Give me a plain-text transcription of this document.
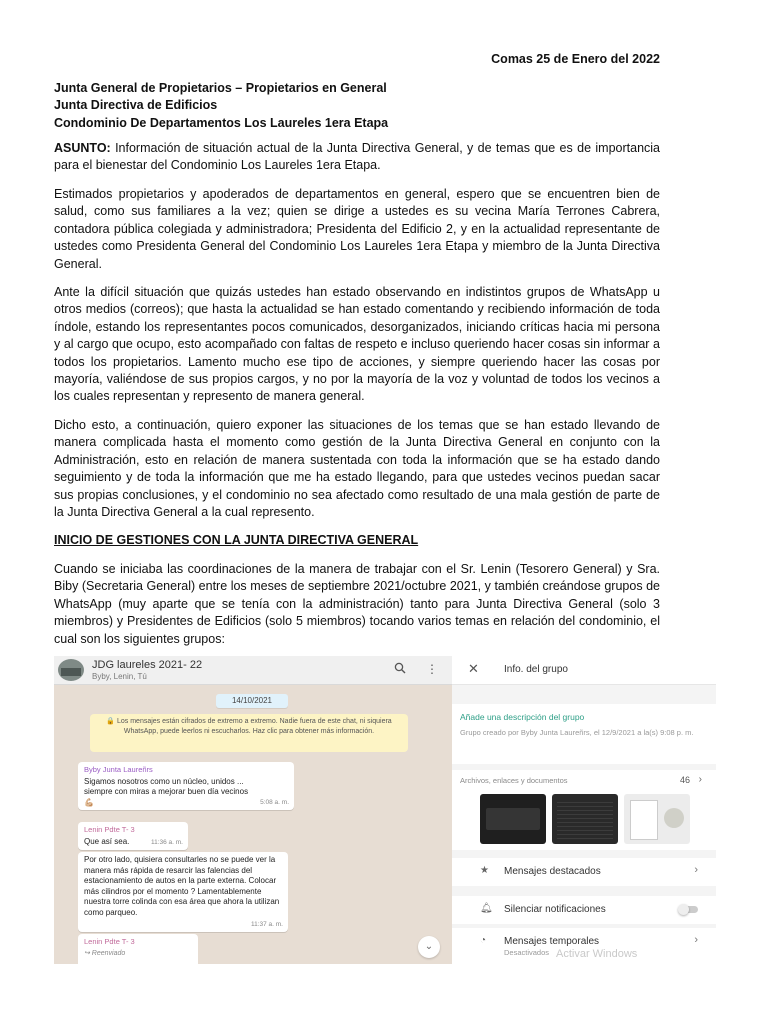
Comas 25 de Enero del 2022
Junta General de Propietarios – Propietarios en General
Junta Directiva de Edificios
Condominio De Departamentos Los Laureles 1era Etapa

ASUNTO: Información de situación actual de la Junta Directiva General, y de temas que es de importancia para el bienestar del Condominio Los Laureles 1era Etapa.

Estimados propietarios y apoderados de departamentos en general, espero que se encuentren bien de salud, como sus familiares a la vez; quien se dirige a ustedes es su vecina María Terrones Cabrera, contadora pública colegiada y administradora; Presidenta del Edificio 2, y en la actualidad representante de ustedes como Presidenta General del Condominio Los Laureles 1era Etapa y miembro de la Junta Directiva General.

Ante la difícil situación que quizás ustedes han estado observando en indistintos grupos de WhatsApp u otros medios (correos); que hasta la actualidad se han estado comentando y recibiendo información de toda índole, estando los representantes pocos comunicados, desorganizados, iniciando críticas hacia mi persona y al cargo que ocupo, esto acompañado con faltas de respeto e incluso queriendo hacer cosas sin informar a todos los propietarios. Lamento mucho ese tipo de acciones, y siempre queriendo hacer las cosas por mayoría, valiéndose de sus propios cargos, y no por la mayoría de la voz y voluntad de todos los vecinos a los cuales representan y represento de manera general.

Dicho esto, a continuación, quiero exponer las situaciones de los temas que se han estado llevando de manera complicada hasta el momento como gestión de la Junta Directiva General en conjunto con la Administración, esto en relación de manera sustentada con toda la información que se ha estado dando seguimiento y de toda la información que me ha estado llegando, para que ustedes vecinos puedan sacar sus propias conclusiones, y el condominio no sea afectado como resultado de una mala gestión de parte de la Junta Directiva General a la cual represento.

INICIO DE GESTIONES CON LA JUNTA DIRECTIVA GENERAL

Cuando se iniciaba las coordinaciones de la manera de trabajar con el Sr. Lenin (Tesorero General) y Sra. Biby (Secretaria General) entre los meses de septiembre 2021/octubre 2021, y también creándose grupos de WhatsApp (muy aparte que se tenía con la administración) tanto para Junta Directiva General (solo 3 miembros) y Presidentes de Edificios (solo 5 miembros) tocando varios temas en relación del condominio, el cual son los siguientes grupos:

JDG laureles 2021- 22
Byby, Lenin, Tú
⋮
14/10/2021
🔒 Los mensajes están cifrados de extremo a extremo. Nadie fuera de este chat, ni siquiera WhatsApp, puede leerlos ni escucharlos. Haz clic para obtener más información.
Byby Junta Laureñrs
Sigamos nosotros como un núcleo, unidos ... siempre con miras a mejorar buen día vecinos 💪🏼	5:08 a. m.
Lenin Pdte T- 3
Que así sea.	11:36 a. m.
Por otro lado, quisiera consultarles no se puede ver la manera más rápida de resarcir las falencias del estacionamiento de autos en la parte externa. Colocar más cilindros por el momento ? Lamentablemente nuestra torre colinda con esa área que ahora la utilizan como parqueo.
11:37 a. m.
Lenin Pdte T- 3
↪ Reenviado
⌄
✕	Info. del grupo
Añade una descripción del grupo
Grupo creado por Byby Junta Laureñrs, el 12/9/2021 a la(s) 9:08 p. m.
Archivos, enlaces y documentos	46 ›
★ Mensajes destacados	›
🔔︎ Silenciar notificaciones
◔ Mensajes temporales
Desactivados
›
Activar Windows
